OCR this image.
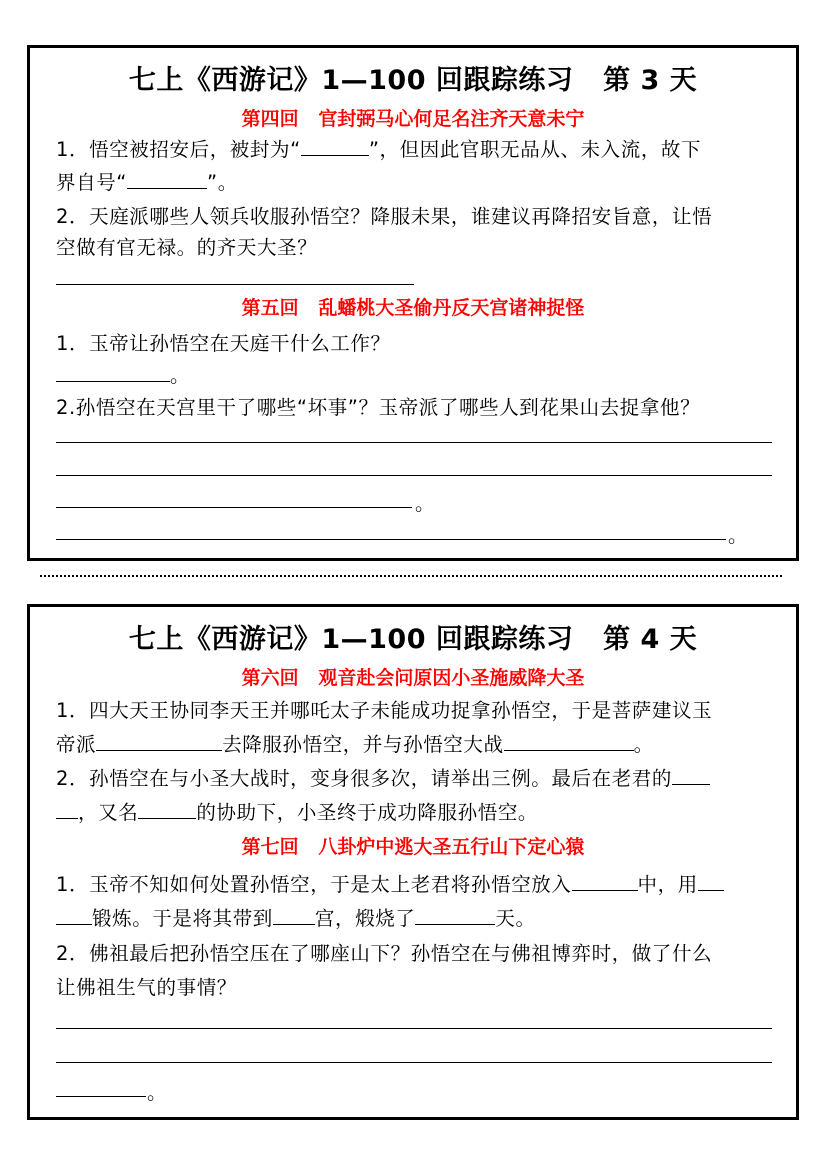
七上《西游记》1—100 回跟踪练习   第 3 天
第四回   官封弼马心何足名注齐天意未宁
1．悟空被招安后，被封为“	”，但因此官职无品从、未入流，故下
界自号“	”。
2．天庭派哪些人领兵收服孙悟空？降服未果，谁建议再降招安旨意，让悟
空做有官无禄。的齐天大圣？
第五回   乱蟠桃大圣偷丹反天宫诸神捉怪
1．玉帝让孙悟空在天庭干什么工作？
。
2.孙悟空在天宫里干了哪些“坏事”？玉帝派了哪些人到花果山去捉拿他？
。
。
七上《西游记》1—100 回跟踪练习   第 4 天
第六回   观音赴会问原因小圣施威降大圣
1．四大天王协同李天王并哪吒太子未能成功捉拿孙悟空，于是菩萨建议玉
帝派	去降服孙悟空，并与孙悟空大战	。
2．孙悟空在与小圣大战时，变身很多次，请举出三例。最后在老君的
，又名	的协助下，小圣终于成功降服孙悟空。
第七回   八卦炉中逃大圣五行山下定心猿
1．玉帝不知如何处置孙悟空，于是太上老君将孙悟空放入	中，用
锻炼。于是将其带到 宫，煅烧了	天。
2．佛祖最后把孙悟空压在了哪座山下？孙悟空在与佛祖博弈时，做了什么
让佛祖生气的事情？
。
